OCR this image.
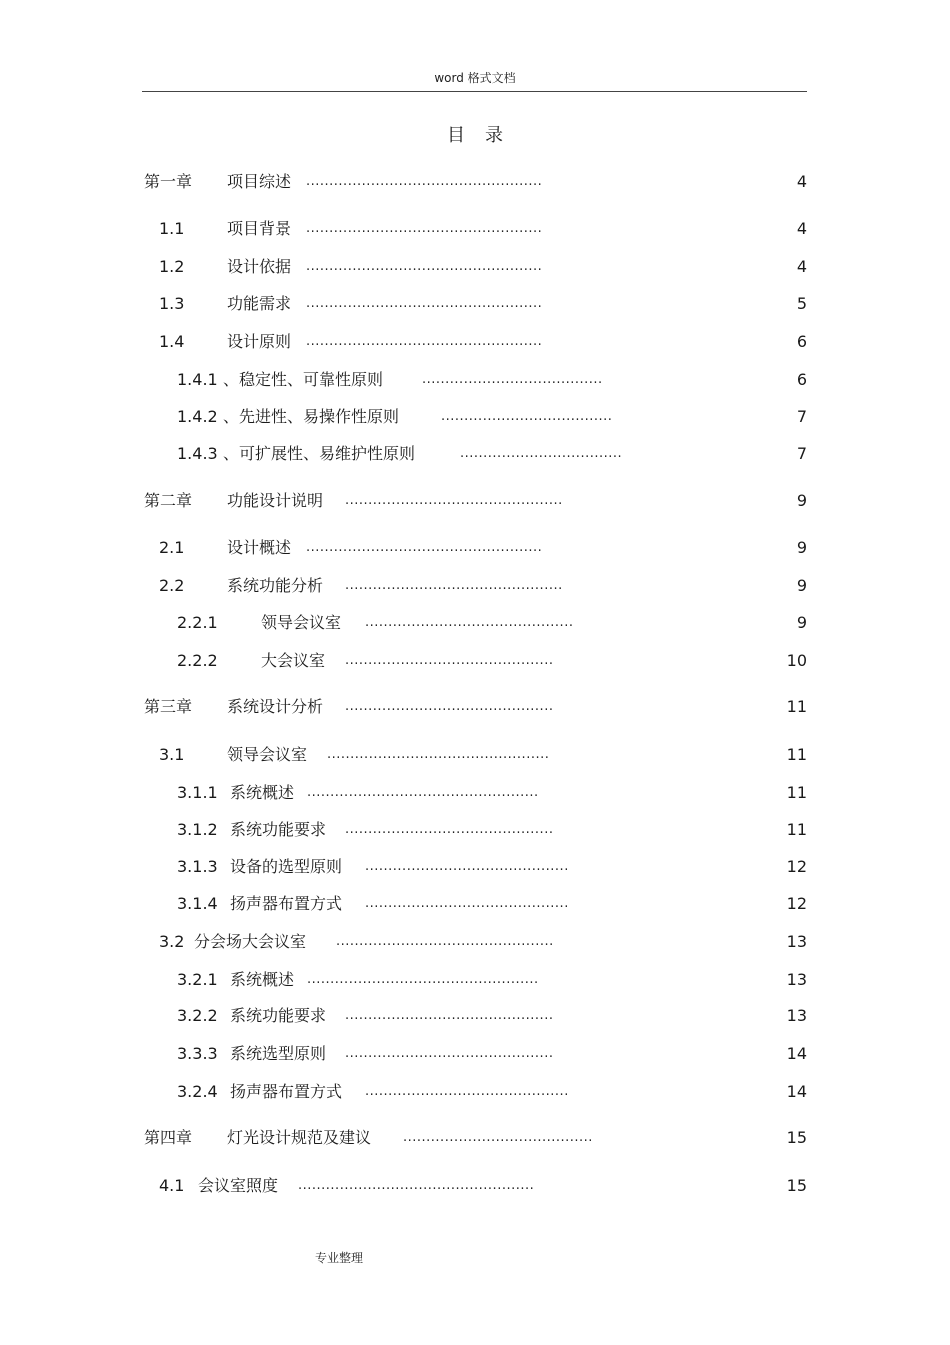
word 格式文档
目录
第一章 项目综述 ...................................................	4
1.1	项目背景 ...................................................	4
1.2	设计依据 ...................................................	4
1.3	功能需求 ...................................................	5
1.4	设计原则 ...................................................	6
1.4.1 、稳定性、可靠性原则	.......................................	6
1.4.2 、先进性、易操作性原则	.....................................	7
1.4.3 、可扩展性、易维护性原则	...................................	7
第二章 功能设计说明 ...............................................	9
2.1	设计概述 ...................................................	9
2.2	系统功能分析 ...............................................	9
2.2.1	领导会议室 .............................................	9
2.2.2	大会议室 .............................................	10
第三章 系统设计分析 .............................................	11
3.1	领导会议室 ................................................	11
3.1.1 系统概述 ..................................................	11
3.1.2 系统功能要求 .............................................	11
3.1.3 设备的选型原则 ............................................	12
3.1.4 扬声器布置方式 ............................................	12
3.2 分会场大会议室 ...............................................	13
3.2.1 系统概述 ..................................................	13
3.2.2 系统功能要求 .............................................	13
3.3.3 系统选型原则 .............................................	14
3.2.4 扬声器布置方式 ............................................	14
第四章 灯光设计规范及建议 .........................................	15
4.1 会议室照度 ...................................................	15
专业整理
